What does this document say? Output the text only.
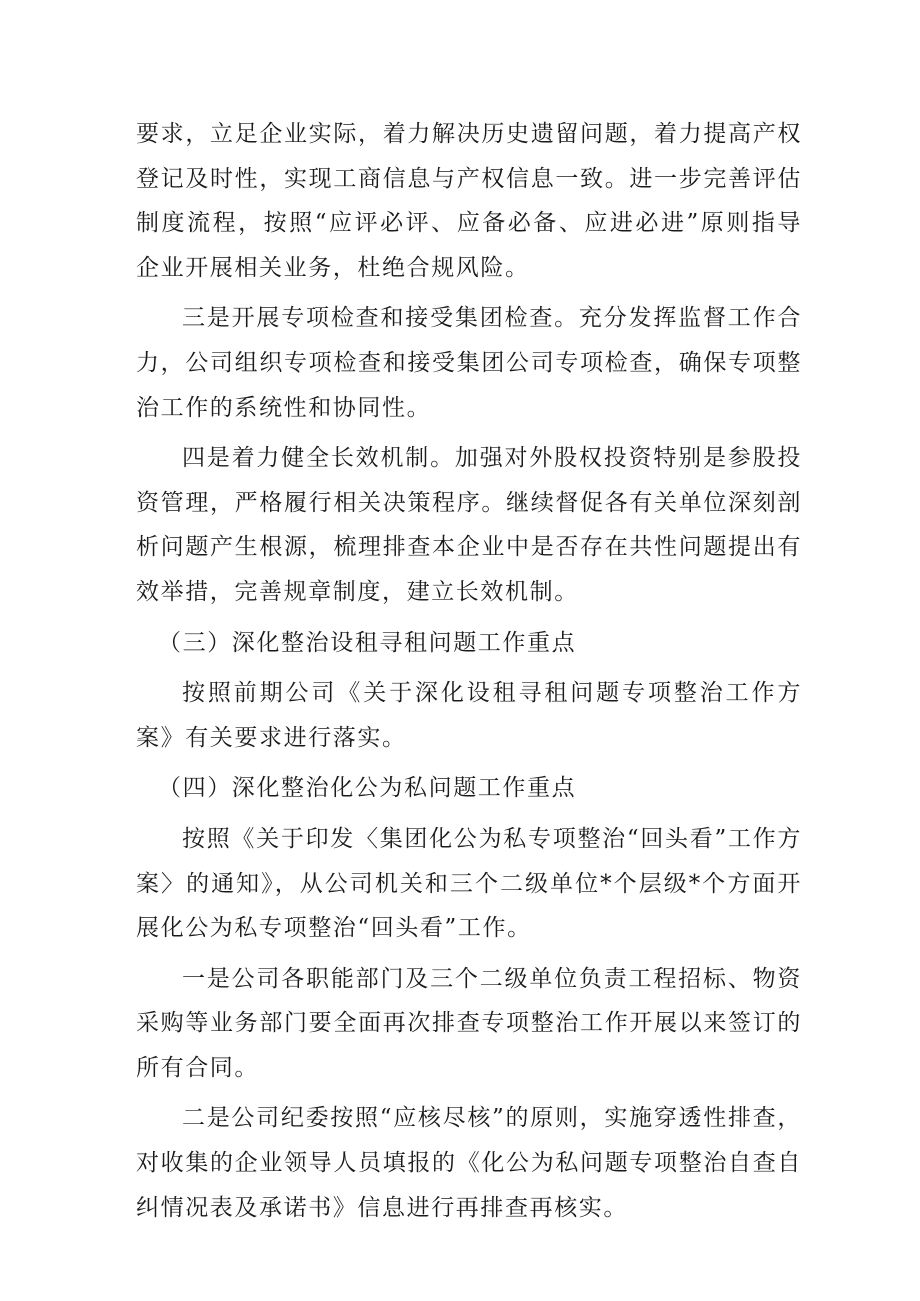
要求，立足企业实际，着力解决历史遗留问题，着力提高产权登记及时性，实现工商信息与产权信息一致。进一步完善评估制度流程，按照“应评必评、应备必备、应进必进”原则指导企业开展相关业务，杜绝合规风险。

三是开展专项检查和接受集团检查。充分发挥监督工作合力，公司组织专项检查和接受集团公司专项检查，确保专项整治工作的系统性和协同性。

四是着力健全长效机制。加强对外股权投资特别是参股投资管理，严格履行相关决策程序。继续督促各有关单位深刻剖析问题产生根源，梳理排查本企业中是否存在共性问题提出有效举措，完善规章制度，建立长效机制。

（三）深化整治设租寻租问题工作重点

按照前期公司《关于深化设租寻租问题专项整治工作方案》有关要求进行落实。

（四）深化整治化公为私问题工作重点

按照《关于印发〈集团化公为私专项整治“回头看”工作方案〉的通知》，从公司机关和三个二级单位*个层级*个方面开展化公为私专项整治“回头看”工作。

一是公司各职能部门及三个二级单位负责工程招标、物资采购等业务部门要全面再次排查专项整治工作开展以来签订的所有合同。

二是公司纪委按照“应核尽核”的原则，实施穿透性排查，对收集的企业领导人员填报的《化公为私问题专项整治自查自纠情况表及承诺书》信息进行再排查再核实。
